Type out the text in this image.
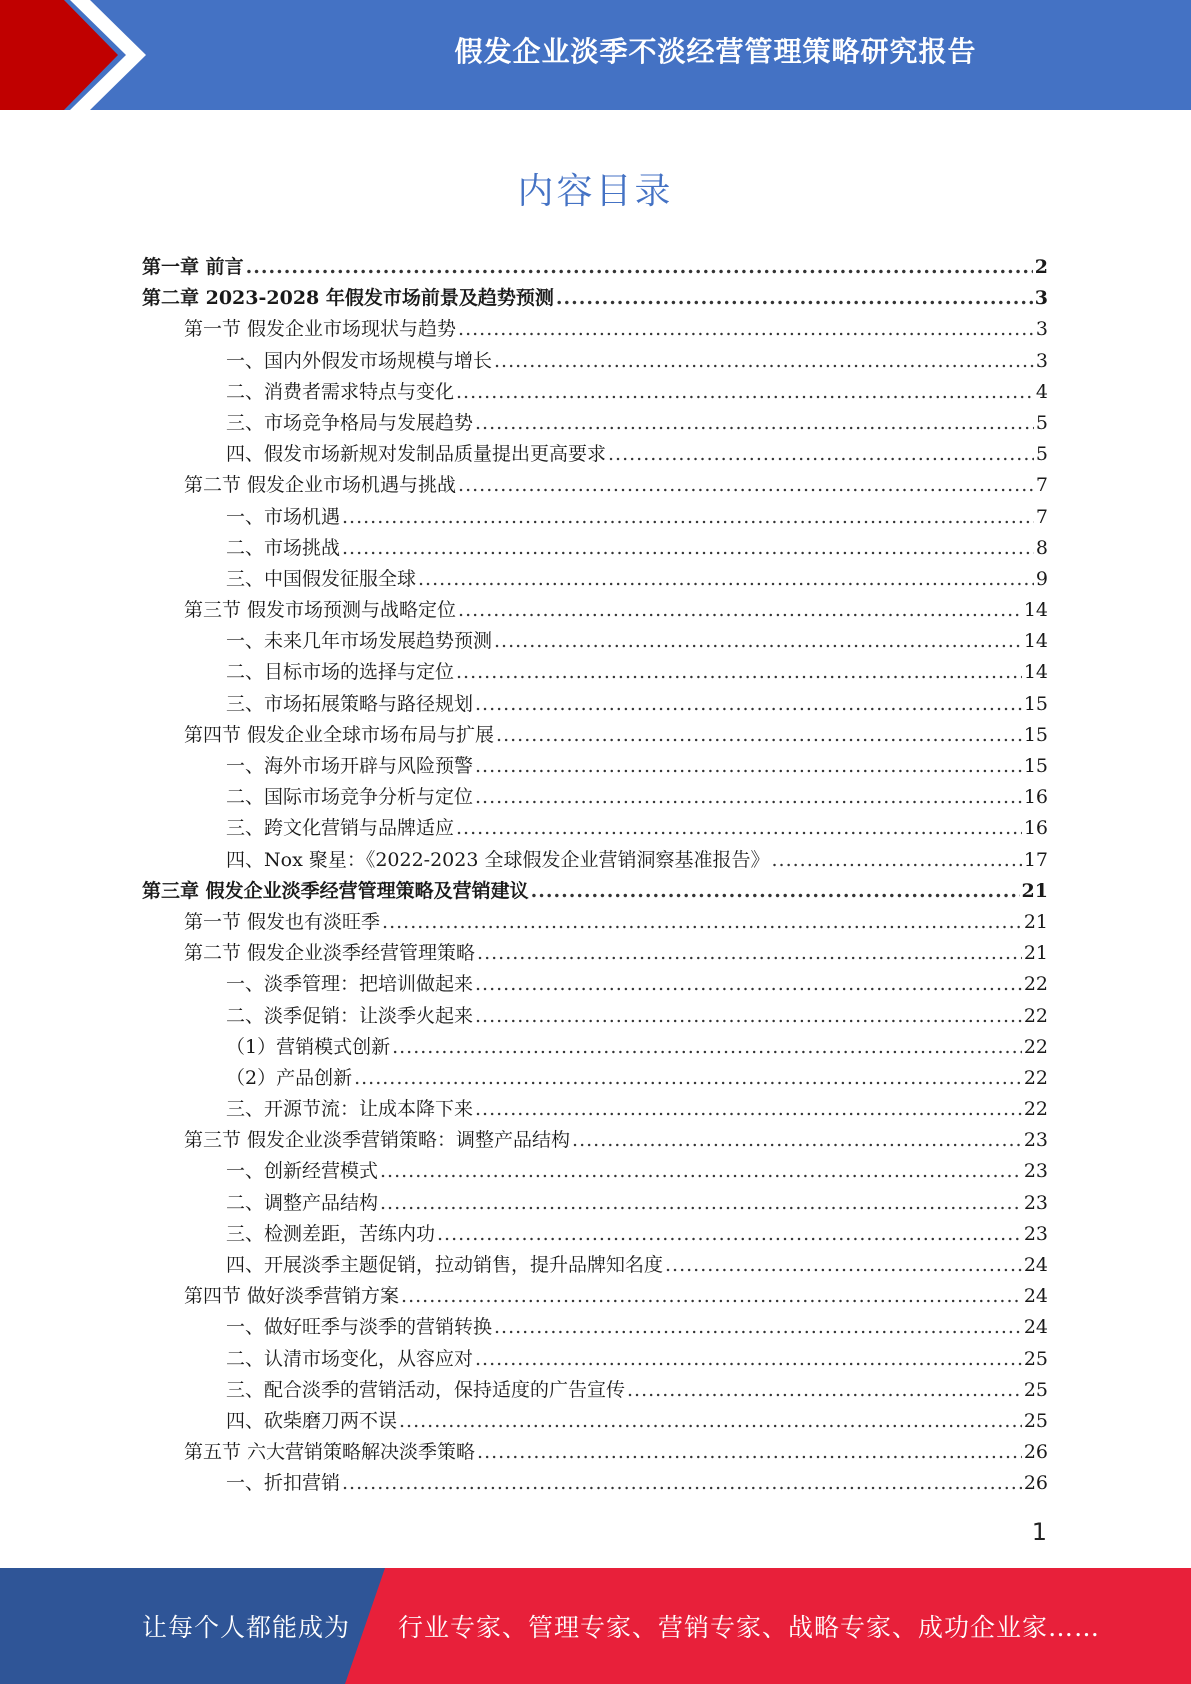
假发企业淡季不淡经营管理策略研究报告
内容目录
第一章 前言 .....	2
第二章 2023-2028 年假发市场前景及趋势预测 .....	3
第一节 假发企业市场现状与趋势 .....	3
一、国内外假发市场规模与增长 .....	3
二、消费者需求特点与变化 .....	4
三、市场竞争格局与发展趋势 .....	5
四、假发市场新规对发制品质量提出更高要求 .....	5
第二节 假发企业市场机遇与挑战 .....	7
一、市场机遇 .....	7
二、市场挑战 .....	8
三、中国假发征服全球 .....	9
第三节 假发市场预测与战略定位 .....	14
一、未来几年市场发展趋势预测 .....	14
二、目标市场的选择与定位 .....	14
三、市场拓展策略与路径规划 .....	15
第四节 假发企业全球市场布局与扩展 .....	15
一、海外市场开辟与风险预警 .....	15
二、国际市场竞争分析与定位 .....	16
三、跨文化营销与品牌适应 .....	16
四、Nox 聚星：《2022-2023 全球假发企业营销洞察基准报告》 .....	17
第三章 假发企业淡季经营管理策略及营销建议 .....	21
第一节 假发也有淡旺季 .....	21
第二节 假发企业淡季经营管理策略 .....	21
一、淡季管理：把培训做起来 .....	22
二、淡季促销：让淡季火起来 .....	22
（1）营销模式创新 .....	22
（2）产品创新 .....	22
三、开源节流：让成本降下来 .....	22
第三节 假发企业淡季营销策略：调整产品结构 .....	23
一、创新经营模式 .....	23
二、调整产品结构 .....	23
三、检测差距，苦练内功 .....	23
四、开展淡季主题促销，拉动销售，提升品牌知名度 .....	24
第四节 做好淡季营销方案 .....	24
一、做好旺季与淡季的营销转换 .....	24
二、认清市场变化，从容应对 .....	25
三、配合淡季的营销活动，保持适度的广告宣传 .....	25
四、砍柴磨刀两不误 .....	25
第五节 六大营销策略解决淡季策略 .....	26
一、折扣营销 .....	26
1
让每个人都能成为 行业专家、管理专家、营销专家、战略专家、成功企业家……
